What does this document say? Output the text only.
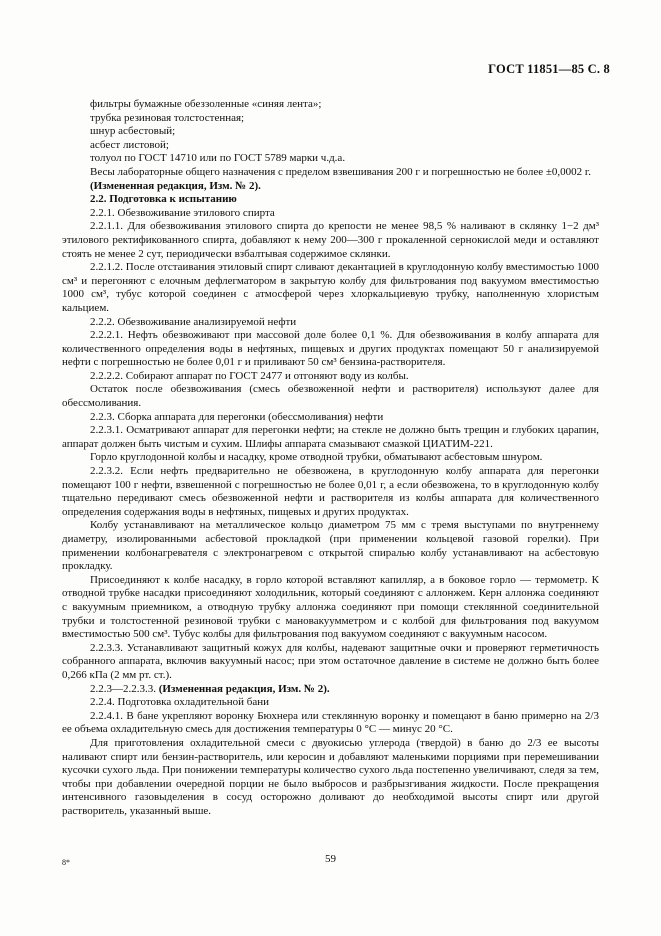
ГОСТ 11851—85 С. 8

фильтры бумажные обеззоленные «синяя лента»;

трубка резиновая толстостенная;

шнур асбестовый;

асбест листовой;

толуол по ГОСТ 14710 или по ГОСТ 5789 марки ч.д.а.

Весы лабораторные общего назначения с пределом взвешивания 200 г и погрешностью не более ±0,0002 г.

(Измененная редакция, Изм. № 2).

2.2. Подготовка к испытанию

2.2.1. Обезвоживание этилового спирта

2.2.1.1. Для обезвоживания этилового спирта до крепости не менее 98,5 % наливают в склянку 1−2 дм³ этилового ректификованного спирта, добавляют к нему 200—300 г прокаленной сернокислой меди и оставляют стоять не менее 2 сут, периодически взбалтывая содержимое склянки.

2.2.1.2. После отстаивания этиловый спирт сливают декантацией в круглодонную колбу вместимостью 1000 см³ и перегоняют с елочным дефлегматором в закрытую колбу для фильтрования под вакуумом вместимостью 1000 см³, тубус которой соединен с атмосферой через хлоркальциевую трубку, наполненную хлористым кальцием.

2.2.2. Обезвоживание анализируемой нефти

2.2.2.1. Нефть обезвоживают при массовой доле более 0,1 %. Для обезвоживания в колбу аппарата для количественного определения воды в нефтяных, пищевых и других продуктах помещают 50 г анализируемой нефти с погрешностью не более 0,01 г и приливают 50 см³ бензина-растворителя.

2.2.2.2. Собирают аппарат по ГОСТ 2477 и отгоняют воду из колбы.

Остаток после обезвоживания (смесь обезвоженной нефти и растворителя) используют далее для обессмоливания.

2.2.3. Сборка аппарата для перегонки (обессмоливания) нефти

2.2.3.1. Осматривают аппарат для перегонки нефти; на стекле не должно быть трещин и глубоких царапин, аппарат должен быть чистым и сухим. Шлифы аппарата смазывают смазкой ЦИАТИМ-221.

Горло круглодонной колбы и насадку, кроме отводной трубки, обматывают асбестовым шнуром.

2.2.3.2. Если нефть предварительно не обезвожена, в круглодонную колбу аппарата для перегонки помещают 100 г нефти, взвешенной с погрешностью не более 0,01 г, а если обезвожена, то в круглодонную колбу тщательно передивают смесь обезвоженной нефти и растворителя из колбы аппарата для количественного определения содержания воды в нефтяных, пищевых и других продуктах.

Колбу устанавливают на металлическое кольцо диаметром 75 мм с тремя выступами по внутреннему диаметру, изолированными асбестовой прокладкой (при применении кольцевой газовой горелки). При применении колбонагревателя с электронагревом с открытой спиралью колбу устанавливают на асбестовую прокладку.

Присоединяют к колбе насадку, в горло которой вставляют капилляр, а в боковое горло — термометр. К отводной трубке насадки присоединяют холодильник, который соединяют с аллонжем. Керн аллонжа соединяют с вакуумным приемником, а отводную трубку аллонжа соединяют при помощи стеклянной соединительной трубки и толстостенной резиновой трубки с мановакуумметром и с колбой для фильтрования под вакуумом вместимостью 500 см³. Тубус колбы для фильтрования под вакуумом соединяют с вакуумным насосом.

2.2.3.3. Устанавливают защитный кожух для колбы, надевают защитные очки и проверяют герметичность собранного аппарата, включив вакуумный насос; при этом остаточное давление в системе не должно быть более 0,266 кПа (2 мм рт. ст.).

2.2.3—2.2.3.3. (Измененная редакция, Изм. № 2).

2.2.4. Подготовка охладительной бани

2.2.4.1. В бане укрепляют воронку Бюхнера или стеклянную воронку и помещают в баню примерно на 2/3 ее объема охладительную смесь для достижения температуры 0 °С — минус 20 °С.

Для приготовления охладительной смеси с двуокисью углерода (твердой) в баню до 2/3 ее высоты наливают спирт или бензин-растворитель, или керосин и добавляют маленькими порциями при перемешивании кусочки сухого льда. При понижении температуры количество сухого льда постепенно увеличивают, следя за тем, чтобы при добавлении очередной порции не было выбросов и разбрызгивания жидкости. После прекращения интенсивного газовыделения в сосуд осторожно доливают до необходимой высоты спирт или другой растворитель, указанный выше.

8*	59
